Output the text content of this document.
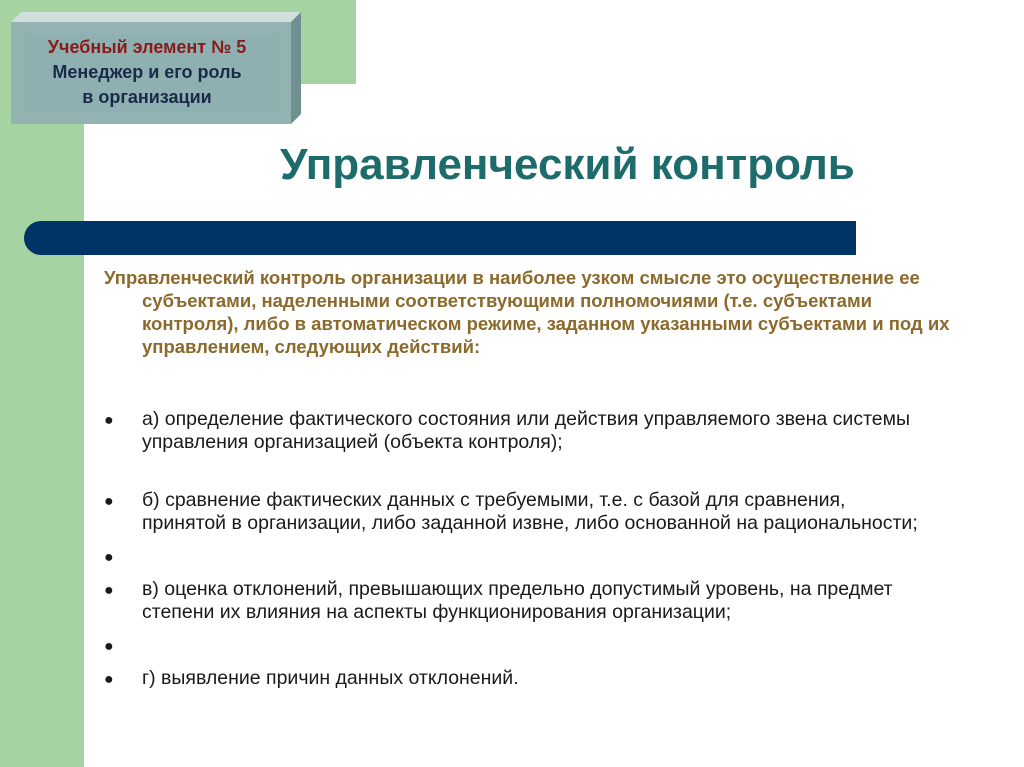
Учебный элемент № 5
Менеджер и его роль
в организации
Управленческий контроль

Управленческий контроль организации в наиболее узком смысле это осуществление ее субъектами, наделенными соответствующими полномочиями (т.е. субъектами контроля), либо в автоматическом режиме, заданном указанными субъектами и под их управлением, следующих действий:

● а) определение фактического состояния или действия управляемого звена системы управления организацией (объекта контроля);
● б) сравнение фактических данных с требуемыми, т.е. с базой для сравнения, принятой в организации, либо заданной извне, либо основанной на рациональности;
●
● в) оценка отклонений, превышающих предельно допустимый уровень, на предмет степени их влияния на аспекты функционирования организации;
●
● г) выявление причин данных отклонений.
